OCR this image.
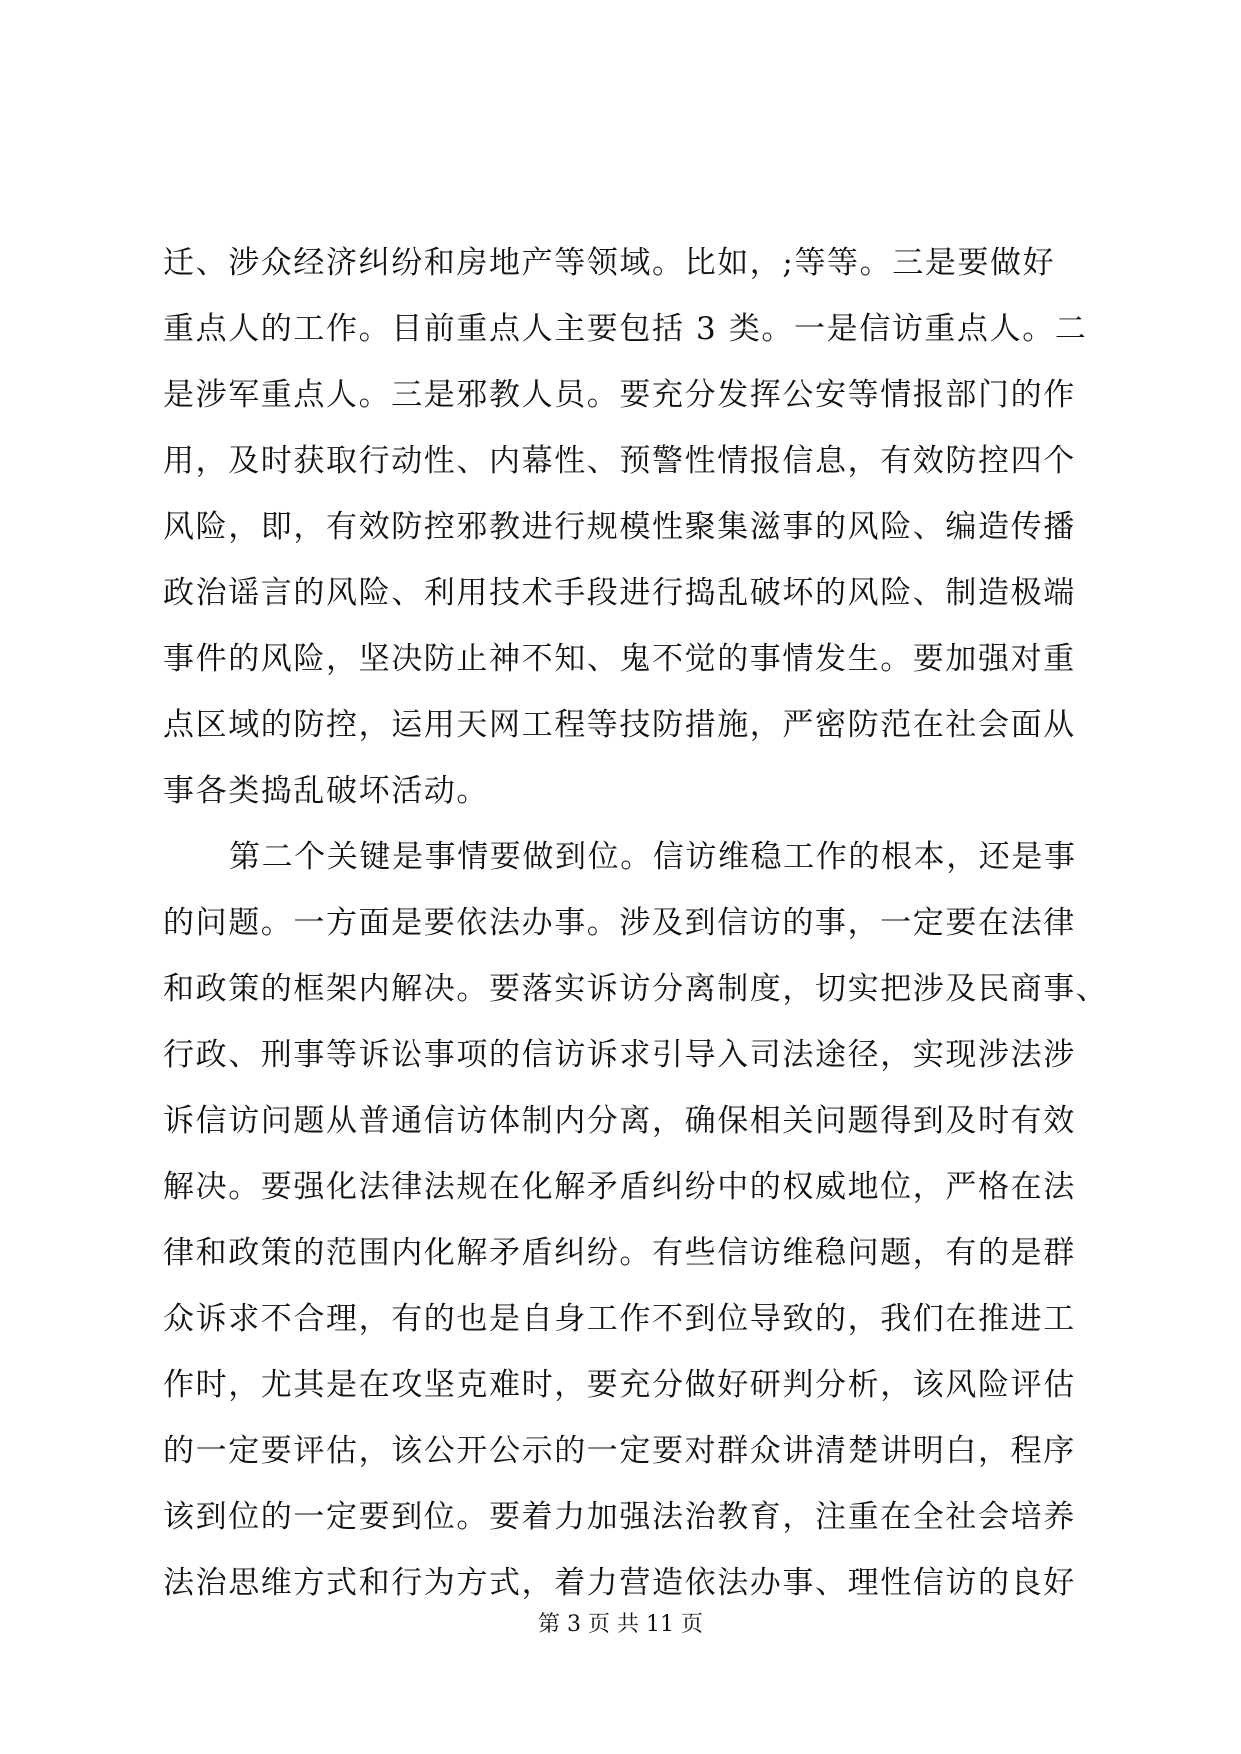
迁、涉众经济纠纷和房地产等领域。比如，;等等。三是要做好
重点人的工作。目前重点人主要包括 3 类。一是信访重点人。二
是涉军重点人。三是邪教人员。要充分发挥公安等情报部门的作
用，及时获取行动性、内幕性、预警性情报信息，有效防控四个
风险，即，有效防控邪教进行规模性聚集滋事的风险、编造传播
政治谣言的风险、利用技术手段进行捣乱破坏的风险、制造极端
事件的风险，坚决防止神不知、鬼不觉的事情发生。要加强对重
点区域的防控，运用天网工程等技防措施，严密防范在社会面从
事各类捣乱破坏活动。
第二个关键是事情要做到位。信访维稳工作的根本，还是事
的问题。一方面是要依法办事。涉及到信访的事，一定要在法律
和政策的框架内解决。要落实诉访分离制度，切实把涉及民商事、
行政、刑事等诉讼事项的信访诉求引导入司法途径，实现涉法涉
诉信访问题从普通信访体制内分离，确保相关问题得到及时有效
解决。要强化法律法规在化解矛盾纠纷中的权威地位，严格在法
律和政策的范围内化解矛盾纠纷。有些信访维稳问题，有的是群
众诉求不合理，有的也是自身工作不到位导致的，我们在推进工
作时，尤其是在攻坚克难时，要充分做好研判分析，该风险评估
的一定要评估，该公开公示的一定要对群众讲清楚讲明白，程序
该到位的一定要到位。要着力加强法治教育，注重在全社会培养
法治思维方式和行为方式，着力营造依法办事、理性信访的良好
第 3 页 共 11 页
